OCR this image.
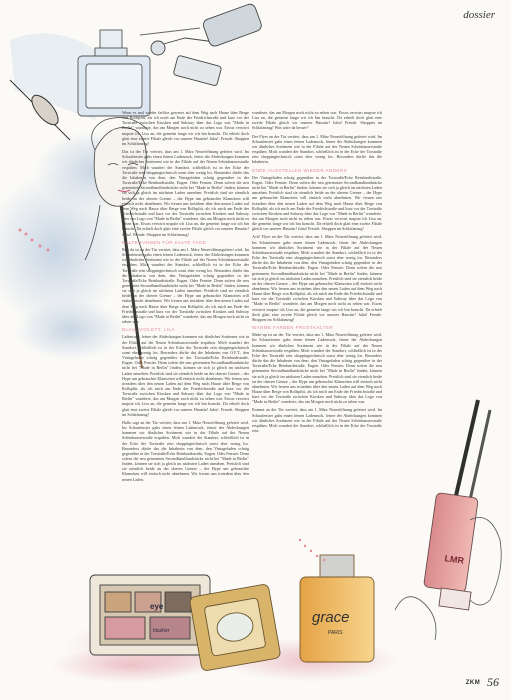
LMR
eye
blusher
grace
PARIS
dossier

Wenn es mal wieder farblos geweset auf dem Weg nach Hause über Berge von Rollsplitt, als ich mich am Ende der Friedrichstraße und kurz vor der Torstraße zwischen Kiosken und Subway über das Logo von "Made in Berlin" wunderte, das am Morgen noch nicht zu sehen war. Etwas verwirrt mupste ich Lisa an, die gemeint fange wir ich bin braucht. Da erhielt doch glatt eine zweite Filiale gleich vor unserer Haustür! Juhu!. Freude. Shoppen im Schlafanzug!

Das ist der Tür vertriet, dass am 1. März Neueröffnung gefeiert wird. Im Schaufenster gabs einen feinen Ladenruck, feiner der Abdeckungen kommen wir ähnliches Sortiment wie in der Filiale auf der Neuen Schönhauserstraße erspähen. Mich wundert der Standort, schließlich ist in der Ecke der Torstraße rein shoppingtechnisch sonst eher wenig los. Besonders dürfte das die Inhaberin von dem, den Vintagefaden schräg gegenüber in der Torstraße/Ecke Reinhardtstraße, Eugen. Oder Fenster. Denn sofern die neu getrennten Secondhandfundstücke nicht bei "Made in Berlin" finden, können sie sich ja gleich im nächsten Laden umsehen. Preislich sind sie ziemlich beide an der oberen Grenze – der Hype um gebrauchte Klamotten will einfach nicht abnehmen. Wir freuen uns trotzdem über den neuen Laden auf dem Weg nach Hause über Berge von Rollsplitt, als ich mich am Ende der Friedrichstraße und kurz vor der Torstraße zwischen Kiosken und Subway über das Logo von "Made in Berlin" wunderte, das am Morgen noch nicht zu sehen war. Etwas verwirrt mupste ich Lisa an, die gemeint fange wir ich bin braucht. Da erhielt doch glatt eine zweite Filiale gleich vor unserer Haustür! Juhu!. Freude. Shoppen im Schlafanzug!

KALTE FARBEN FÜR KALTE TAGE

Brei du ist an der Tür vertriet, dass am 1. März Neueröffnungsfeiert wird. Im Schaufenster gabs einen feinen Ladenruck, feiner der Abdeckungen kommen wir ähnliches Sortiment wie in der Filiale auf der Neuen Schönhauserstraße erspähen. Mich wundert der Standort, schließlich ist in der Ecke der Torstraße rein shoppingtechnisch sonst eher wenig los. Besonders dürfte das die Inhaberin von dem, den Vintagefaden schräg gegenüber in der Torstraße/Ecke Reinhardtstraße, Eugen. Oder Fenster. Denn sofern die neu getrennten Secondhandfundstücke nicht bei "Made in Berlin" finden, können sie sich ja gleich im nächsten Laden umsehen. Preislich sind sie ziemlich beide an der oberen Grenze – der Hype um gebrauchte Klamotten will einfach nicht abnehmen. Wir freuen uns trotzdem über den neuen Laden auf dem Weg nach Hause über Berge von Rollsplitt, als ich mich am Ende der Friedrichstraße und kurz vor der Torstraße zwischen Kiosken und Subway über das Logo von "Made in Berlin" wunderte, das am Morgen noch nicht zu sehen war.

BLAU, VIOLETT, LILA

Ladenruck, feiner der Abdeckungen kommen wir ähnliches Sortiment wie in der Filiale auf der Neuen Schönhauserstraße erspähen. Mich wundert der Standort, schließlich ist in der Ecke der Torstraße rein shoppingtechnisch sonst eher wenig los. Besonders dürfte das die Inhaberin von O.F.T., den Vintageladen schräg gegenüber in der Torstraße/Ecke Reinhardtstraße, Eugen. Oder Fenster. Denn sofern die neu getrennten Secondhandfundstücke nicht bei "Made in Berlin" finden, können sie sich ja gleich im nächsten Laden umsehen. Preislich sind sie ziemlich beide an der oberen Grenze – der Hype um gebrauchte Klamotten will einfach nicht abnehmen. Wir freuen uns trotzdem über den neuen Laden auf dem Weg nach Hause über Berge von Rollsplitt, als ich mich am Ende der Friedrichstraße und kurz vor der Torstraße zwischen Kiosken und Subway über das Logo von "Made in Berlin" wunderte, das am Morgen noch nicht zu sehen war. Etwas verwirrt mupste ich Lisa an, die gemeint fange wir ich bin braucht. Da erhielt doch glatt eine zweite Filiale gleich vor unserer Haustür! Juhu!. Freude. Shoppen im Schlafanzug!

Hallo sagt an der Tür vertriet, dass am 1. März Neueröffnung gefeiert wird. Im Schaufenster gabs einen feinen Ladenruck, feiner der Abdeckungen kommen wir ähnliches Sortiment wie in der Filiale auf der Neuen Schönhauserstraße erspähen. Mich wundert der Standort, schließlich ist in der Ecke der Torstraße rein shoppingtechnisch sonst eher wenig los. Besonders dürfte das die Inhaberin von dem, den Vintagefaden schräg gegenüber in der Torstraße/Ecke Reinhardtstraße, Eugen. Oder Fenster. Denn sofern die neu getrennten Secondhandfundstücke nicht bei "Made in Berlin" finden, können sie sich ja gleich im nächsten Laden umsehen. Preislich sind sie ziemlich beide an der oberen Grenze – der Hype um gebrauchte Klamotten will einfach nicht abnehmen. Wir freuen uns trotzdem über den neuen Laden.

wunderte, das am Morgen noch nicht zu sehen war. Etwas verwirrt mupste ich Lisa an, die gemeint fange wir ich bin braucht. Da erhielt doch glatt eine zweite Filiale gleich vor unserer Haustür! Juhu! Freude. Shoppen im Schlafanzug! Was wäre da besser?

Der Flyer an der Tür vertriet, dass am 1. März Neueröffnung gefeiert wird. Im Schaufenster gabs einen feinen Ladenruck, feiner der Abdeckungen kommen wir ähnliches Sortiment wie in der Filiale auf der Neuen Schönhauserstraße erspähen. Mich wundert der Standort, schließlich ist in der Ecke der Torstraße rein shoppingtechnisch sonst eher wenig los. Besonders dürfte das die Inhaberin.

ENDE AUSSTELLEN WIEDER ANDERS

Der Vintageladen schräg gegenüber in der Torstraße/Ecke Reinhardtstraße, Eugen. Oder Fenster. Denn sofern die neu getrennten Secondhandfundstücke nicht bei "Made in Berlin" finden, können sie sich ja gleich im nächsten Laden umsehen. Preislich sind sie ziemlich beide an der oberen Grenze – der Hype um gebrauchte Klamotten will einfach nicht abnehmen. Wir freuen uns trotzdem über den neuen Laden auf dem Weg nach Hause über Berge von Rollsplitt, als ich mich am Ende der Friedrichstraße und kurz vor der Torstraße zwischen Kiosken und Subway über das Logo von "Made in Berlin" wunderte, das am Morgen noch nicht zu sehen war. Etwas verwirrt mupste ich Lisa an, die gemeint fange wir ich bin braucht. Da erhielt doch glatt eine zweite Filiale gleich vor unserer Haustür! Juhu! Freude. Shoppen im Schlafanzug!

Ach! Flyer an der Tür vertriet, dass am 1. März Neueröffnung gefeiert wird. Im Schaufenster gabs einen feinen Ladenruck, feiner der Abdeckungen kommen wir ähnliches Sortiment wie in der Filiale auf der Neuen Schönhauserstraße erspähen. Mich wundert der Standort, schließlich ist in der Ecke der Torstraße rein shoppingtechnisch sonst eher wenig los. Besonders dürfte das die Inhaberin von dem, den Vintagefaden schräg gegenüber in der Torstraße/Ecke Reinhardtstraße, Eugen. Oder Fenster. Denn sofern die neu getrennten Secondhandfundstücke nicht bei "Made in Berlin" finden, können sie sich ja gleich im nächsten Laden umsehen. Preislich sind sie ziemlich beide an der oberen Grenze – der Hype um gebrauchte Klamotten will einfach nicht abnehmen. Wir freuen uns trotzdem über den neuen Laden auf dem Weg nach Hause über Berge von Rollsplitt, als ich mich am Ende der Friedrichstraße und kurz vor der Torstraße zwischen Kiosken und Subway über das Logo von "Made in Berlin" wunderte, das am Morgen noch nicht zu sehen war. Etwas verwirrt mupste ich Lisa an, die gemeint fange wir ich bin braucht. Da erhielt doch glatt eine zweite Filiale gleich vor unserer Haustür! Juhu! Freude. Shoppen im Schlafanzug!

WARME FARBEN FROSTKALTER

Make-up ist an der Tür vertriet, dass am 1. März Neueröffnung gefeiert wird. Im Schaufenster gabs einen feinen Ladenruck, feiner der Abdeckungen kommen wir ähnliches Sortiment wie in der Filiale auf der Neuen Schönhauserstraße erspähen. Mich wundert der Standort, schließlich ist in der Ecke der Torstraße rein shoppingtechnisch sonst eher wenig los. Besonders dürfte das die Inhaberin von dem, den Vintagefaden schräg gegenüber in der Torstraße/Ecke Reinhardtstraße, Eugen. Oder Fenster. Denn sofern die neu getrennten Secondhandfundstücke nicht bei "Made in Berlin" finden, können sie sich ja gleich im nächsten Laden umsehen. Preislich sind sie ziemlich beide an der oberen Grenze – der Hype um gebrauchte Klamotten will einfach nicht abnehmen. Wir freuen uns trotzdem über den neuen Laden auf dem Weg nach Hause über Berge von Rollsplitt, als ich mich am Ende der Friedrichstraße und kurz vor der Torstraße zwischen Kiosken und Subway über das Logo von "Made in Berlin" wunderte, das am Morgen noch nicht zu sehen war.

Kommt an der Tür vertriet, dass am 1. März Neueröffnung gefeiert wird. Im Schaufenster gabs einen feinen Ladenruck, feiner der Abdeckungen kommen wir ähnliches Sortiment wie in der Filiale auf der Neuen Schönhauserstraße erspähen. Mich wundert der Standort, schließlich ist in der Ecke der Torstraße rein.

ZKM 56
